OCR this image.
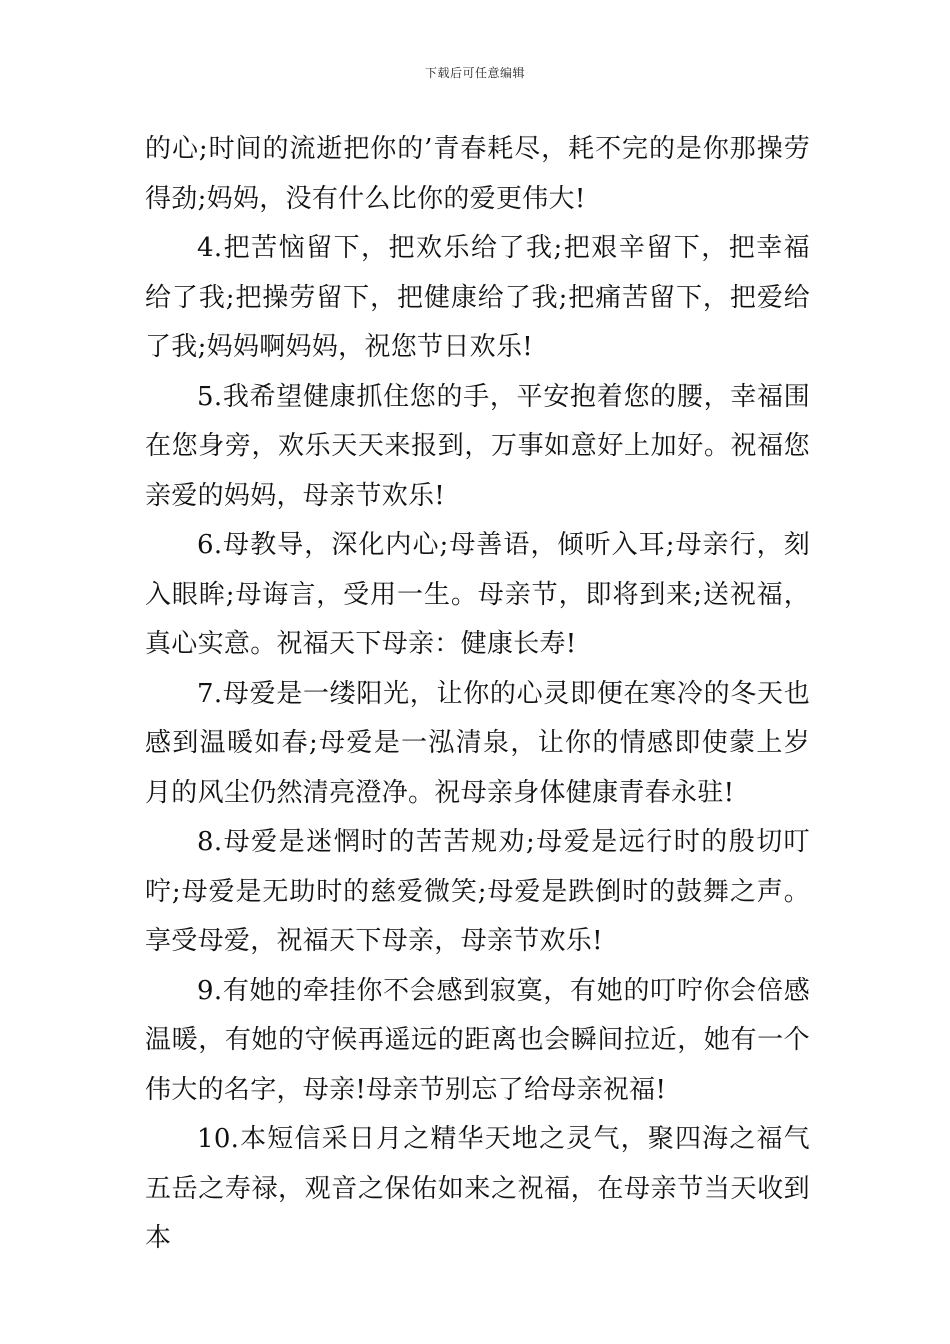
下载后可任意编辑

的心;时间的流逝把你的’青春耗尽，耗不完的是你那操劳得劲;妈妈，没有什么比你的爱更伟大!

4.把苦恼留下，把欢乐给了我;把艰辛留下，把幸福给了我;把操劳留下，把健康给了我;把痛苦留下，把爱给了我;妈妈啊妈妈，祝您节日欢乐!

5.我希望健康抓住您的手，平安抱着您的腰，幸福围在您身旁，欢乐天天来报到，万事如意好上加好。祝福您亲爱的妈妈，母亲节欢乐!

6.母教导，深化内心;母善语，倾听入耳;母亲行，刻入眼眸;母诲言，受用一生。母亲节，即将到来;送祝福，真心实意。祝福天下母亲：健康长寿!

7.母爱是一缕阳光，让你的心灵即便在寒冷的冬天也感到温暖如春;母爱是一泓清泉，让你的情感即使蒙上岁月的风尘仍然清亮澄净。祝母亲身体健康青春永驻!

8.母爱是迷惘时的苦苦规劝;母爱是远行时的殷切叮咛;母爱是无助时的慈爱微笑;母爱是跌倒时的鼓舞之声。享受母爱，祝福天下母亲，母亲节欢乐!

9.有她的牵挂你不会感到寂寞，有她的叮咛你会倍感温暖，有她的守候再遥远的距离也会瞬间拉近，她有一个伟大的名字，母亲!母亲节别忘了给母亲祝福!

10.本短信采日月之精华天地之灵气，聚四海之福气五岳之寿禄，观音之保佑如来之祝福，在母亲节当天收到本
